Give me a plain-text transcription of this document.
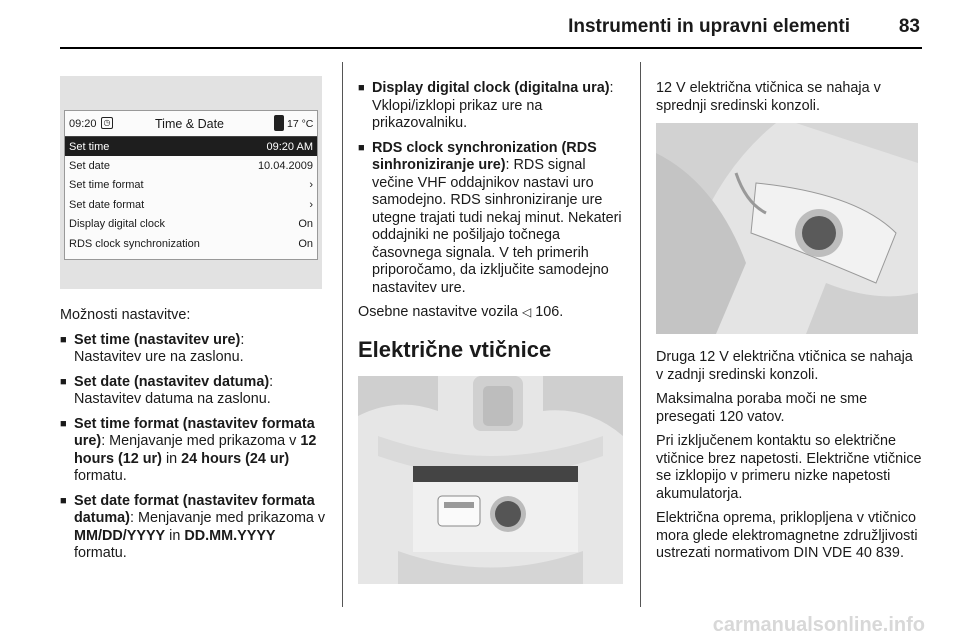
Instrumenti in upravni elementi	83
09:20 ◷	Time & Date	17 °C
Set time	09:20 AM
Set date	10.04.2009
Set time format	›
Set date format	›
Display digital clock	On
RDS clock synchronization	On

Možnosti nastavitve:

■ Set time (nastavitev ure):
Nastavitev ure na zaslonu.
■ Set date (nastavitev datuma):
Nastavitev datuma na zaslonu.
■ Set time format (nastavitev formata ure): Menjavanje med prikazoma v 12 hours (12 ur) in 24 hours (24 ur) formatu.
■ Set date format (nastavitev formata datuma): Menjavanje med prikazoma v MM/DD/YYYY in DD.MM.YYYY formatu.
■ Display digital clock (digitalna ura):
Vklopi/izklopi prikaz ure na prikazovalniku.
■ RDS clock synchronization (RDS sinhroniziranje ure): RDS signal večine VHF oddajnikov nastavi uro samodejno. RDS sinhroniziranje ure utegne trajati tudi nekaj minut. Nekateri oddajniki ne pošiljajo točnega časovnega signala. V teh primerih priporočamo, da izključite samodejno nastavitev ure.

Osebne nastavitve vozila ◁ 106.

Električne vtičnice

12 V električna vtičnica se nahaja v sprednji sredinski konzoli.

Druga 12 V električna vtičnica se nahaja v zadnji sredinski konzoli.

Maksimalna poraba moči ne sme presegati 120 vatov.

Pri izključenem kontaktu so električne vtičnice brez napetosti. Električne vtičnice se izklopijo v primeru nizke napetosti akumulatorja.

Električna oprema, priklopljena v vtičnico mora glede elektromagnetne združljivosti ustrezati normativom DIN VDE 40 839.

carmanualsonline.info
